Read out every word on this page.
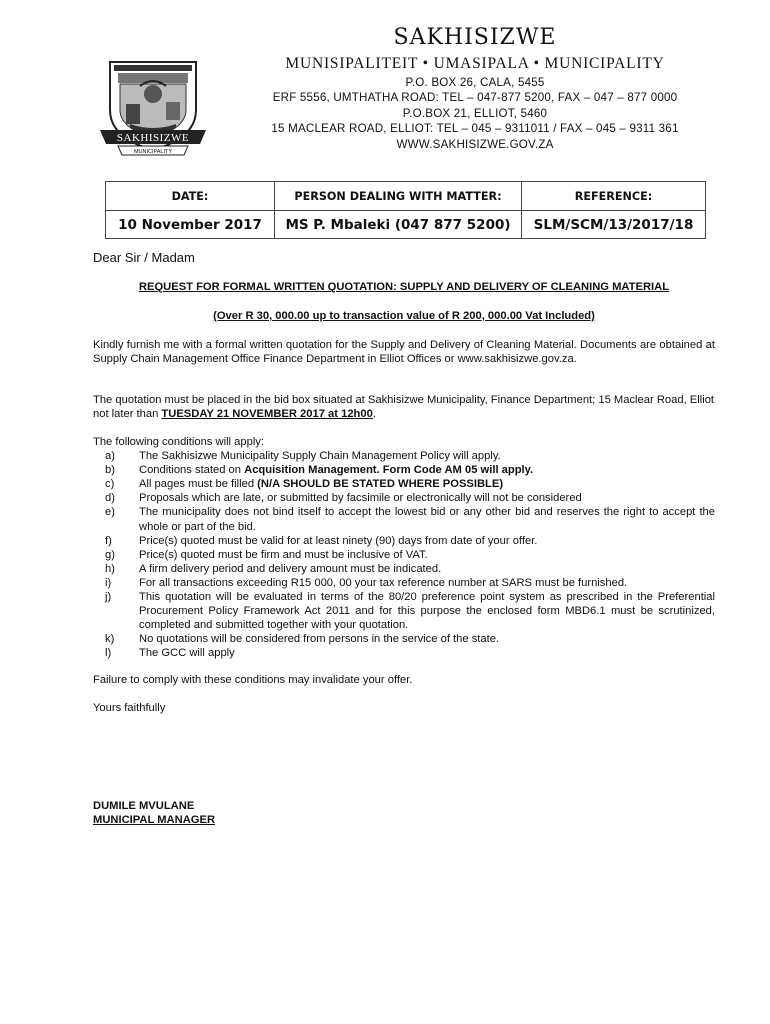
SAKHISIZWE
MUNICIPALITY
SAKHISIZWE
MUNISIPALITEIT • UMASIPALA • MUNICIPALITY
P.O. BOX 26, CALA, 5455
ERF 5556, UMTHATHA ROAD: TEL – 047-877 5200, FAX – 047 – 877 0000
P.O.BOX 21, ELLIOT, 5460
15 MACLEAR ROAD, ELLIOT: TEL – 045 – 9311011 / FAX – 045 – 9311 361
WWW.SAKHISIZWE.GOV.ZA
DATE:	PERSON DEALING WITH MATTER:	REFERENCE:
10 November 2017	MS P. Mbaleki (047 877 5200)	SLM/SCM/13/2017/18
Dear Sir / Madam
REQUEST FOR FORMAL WRITTEN QUOTATION: SUPPLY AND DELIVERY OF CLEANING MATERIAL
(Over R 30, 000.00 up to transaction value of R 200, 000.00 Vat Included)
Kindly furnish me with a formal written quotation for the Supply and Delivery of Cleaning Material. Documents are obtained at Supply Chain Management Office Finance Department in Elliot Offices or www.sakhisizwe.gov.za.
The quotation must be placed in the bid box situated at Sakhisizwe Municipality, Finance Department; 15 Maclear Road, Elliot not later than TUESDAY 21 NOVEMBER 2017 at 12h00.
The following conditions will apply:
a)	The Sakhisizwe Municipality Supply Chain Management Policy will apply.
b)	Conditions stated on Acquisition Management. Form Code AM 05 will apply.
c)	All pages must be filled (N/A SHOULD BE STATED WHERE POSSIBLE)
d)	Proposals which are late, or submitted by facsimile or electronically will not be considered
e)	The municipality does not bind itself to accept the lowest bid or any other bid and reserves the right to accept the whole or part of the bid.
f)	Price(s) quoted must be valid for at least ninety (90) days from date of your offer.
g)	Price(s) quoted must be firm and must be inclusive of VAT.
h)	A firm delivery period and delivery amount must be indicated.
i)	For all transactions exceeding R15 000, 00 your tax reference number at SARS must be furnished.
j)	This quotation will be evaluated in terms of the 80/20 preference point system as prescribed in the Preferential Procurement Policy Framework Act 2011 and for this purpose the enclosed form MBD6.1 must be scrutinized, completed and submitted together with your quotation.
k)	No quotations will be considered from persons in the service of the state.
l)	The GCC will apply
Failure to comply with these conditions may invalidate your offer.
Yours faithfully
DUMILE MVULANE
MUNICIPAL MANAGER
